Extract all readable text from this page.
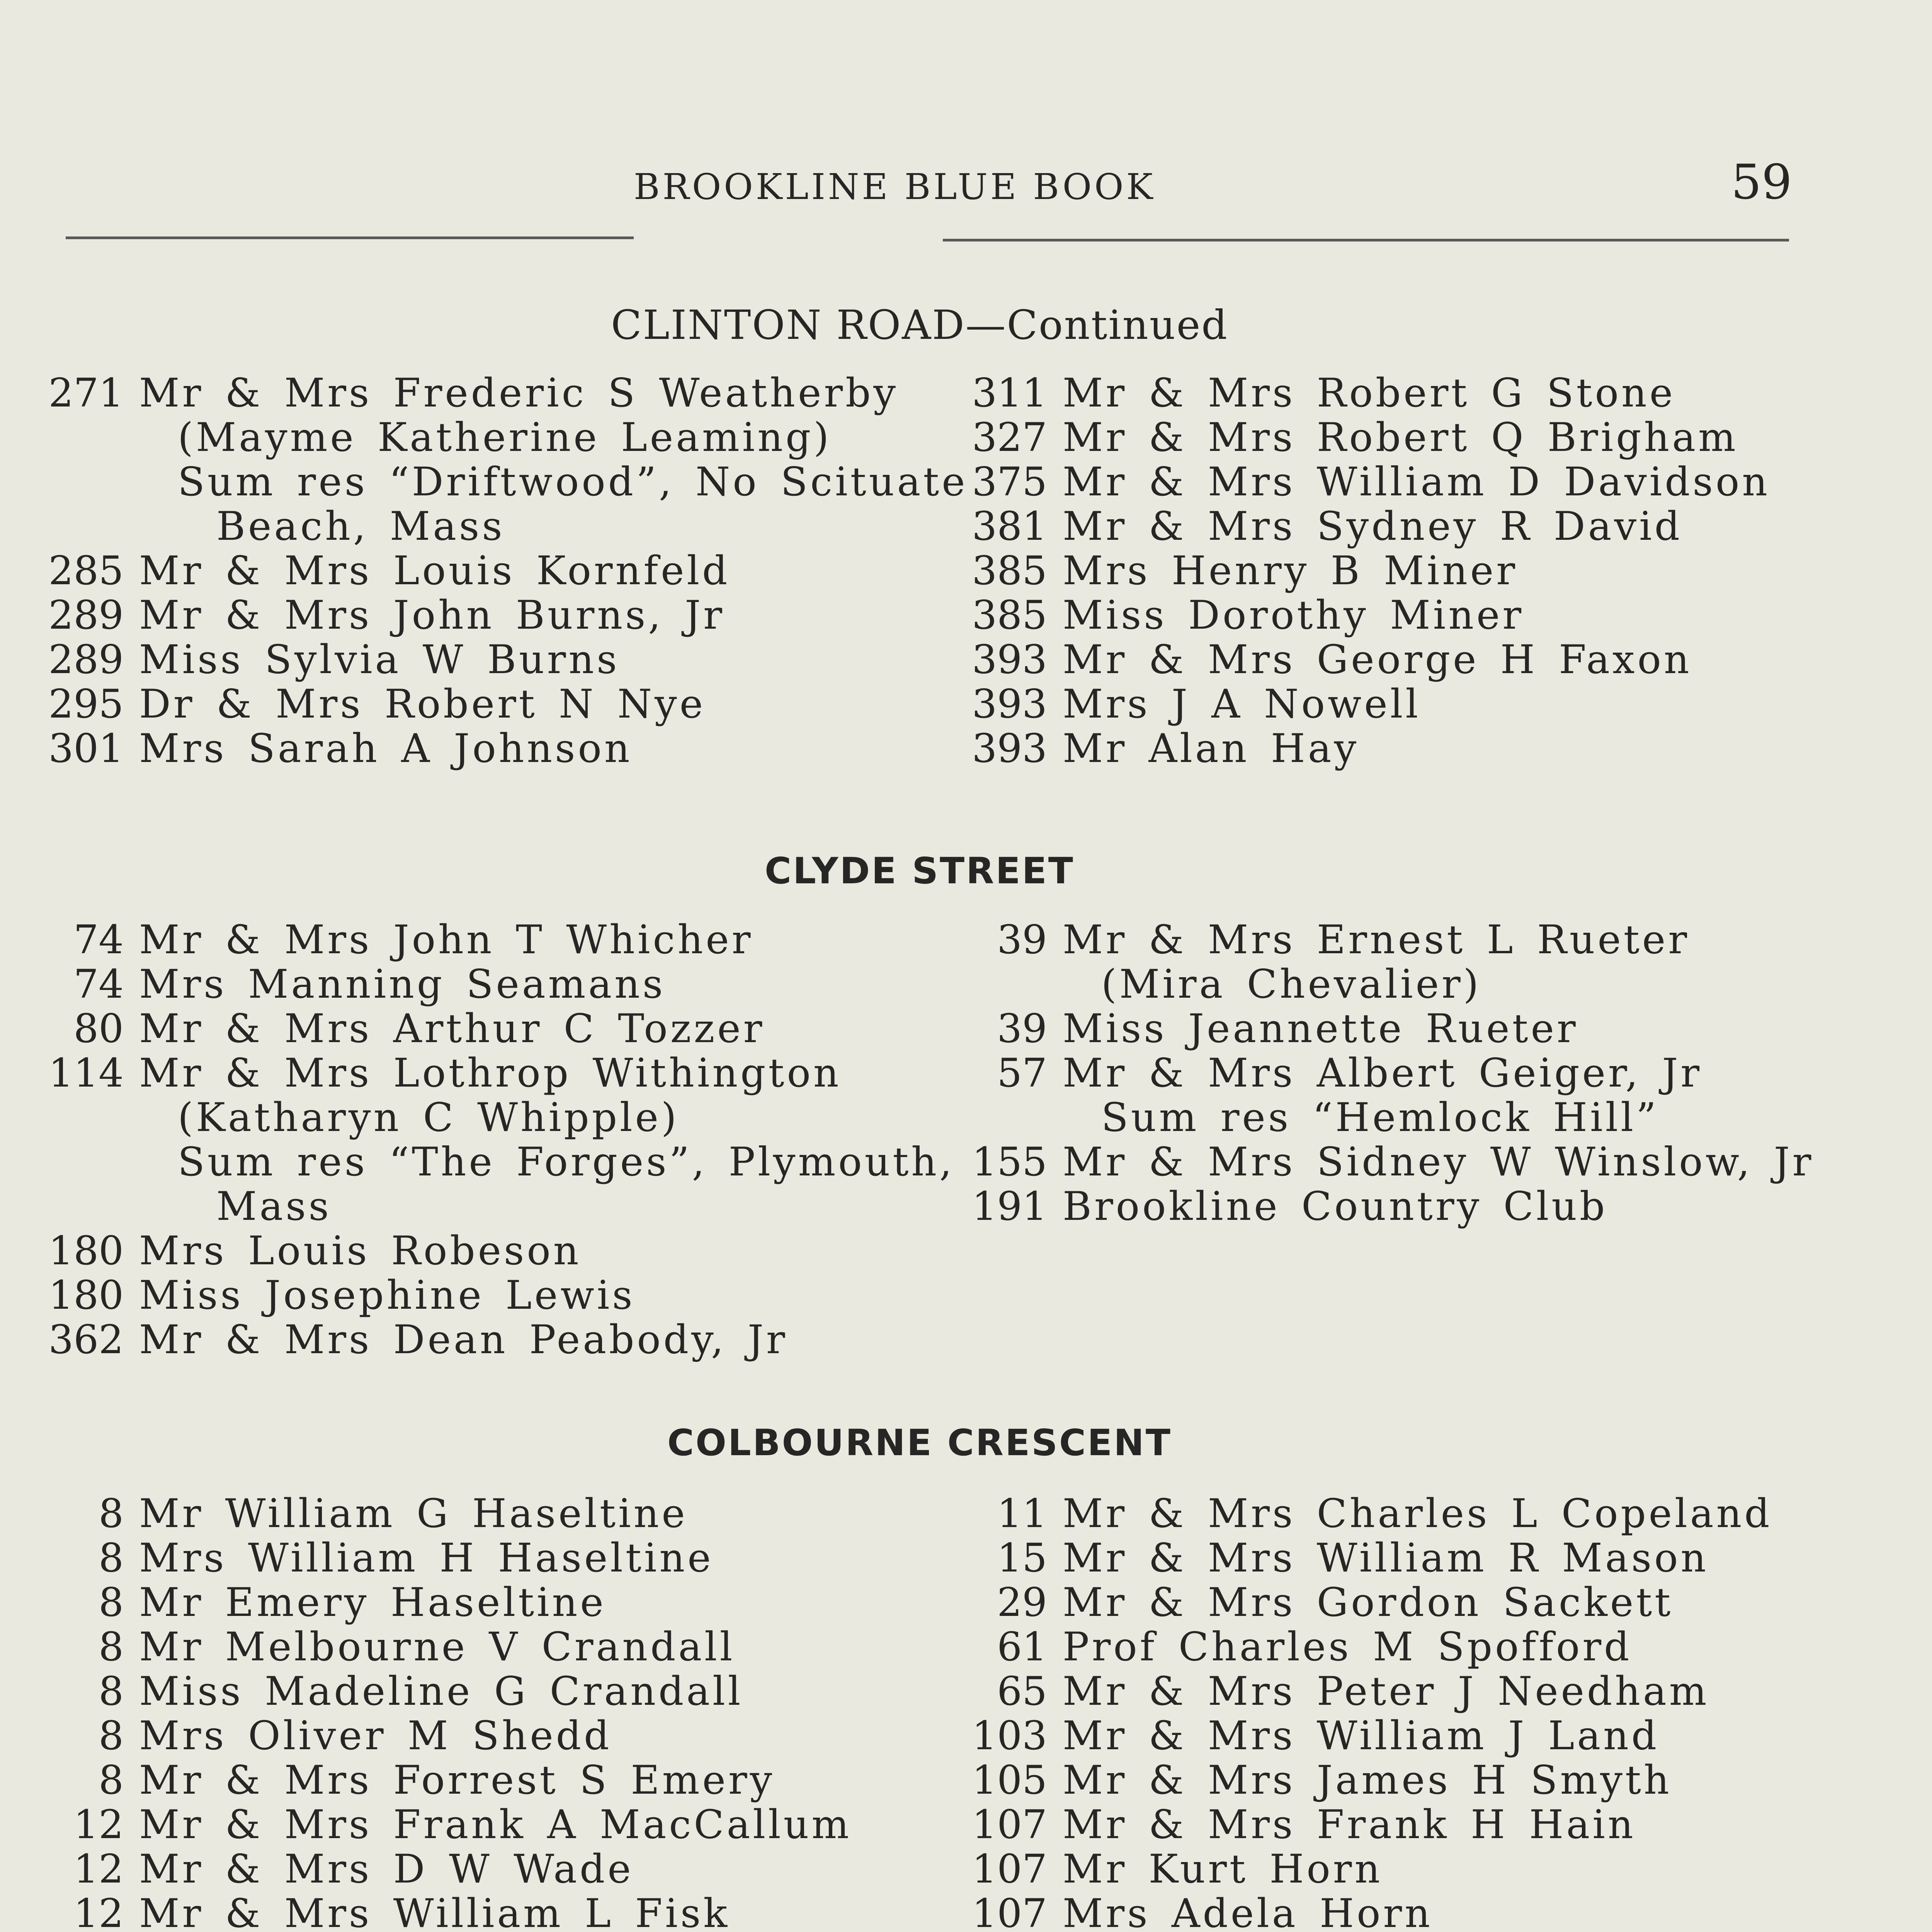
BROOKLINE BLUE BOOK	59
CLINTON ROAD—Continued
271 Mr & Mrs Frederic S Weatherby
(Mayme Katherine Leaming)
Sum res “Driftwood”, No Scituate
Beach, Mass
285 Mr & Mrs Louis Kornfeld
289 Mr & Mrs John Burns, Jr
289 Miss Sylvia W Burns
295 Dr & Mrs Robert N Nye
301 Mrs Sarah A Johnson
311 Mr & Mrs Robert G Stone
327 Mr & Mrs Robert Q Brigham
375 Mr & Mrs William D Davidson
381 Mr & Mrs Sydney R David
385 Mrs Henry B Miner
385 Miss Dorothy Miner
393 Mr & Mrs George H Faxon
393 Mrs J A Nowell
393 Mr Alan Hay
CLYDE STREET
74 Mr & Mrs John T Whicher
74 Mrs Manning Seamans
80 Mr & Mrs Arthur C Tozzer
114 Mr & Mrs Lothrop Withington
(Katharyn C Whipple)
Sum res “The Forges”, Plymouth,
Mass
180 Mrs Louis Robeson
180 Miss Josephine Lewis
362 Mr & Mrs Dean Peabody, Jr
39 Mr & Mrs Ernest L Rueter
(Mira Chevalier)
39 Miss Jeannette Rueter
57 Mr & Mrs Albert Geiger, Jr
Sum res “Hemlock Hill”
155 Mr & Mrs Sidney W Winslow, Jr
191 Brookline Country Club
COLBOURNE CRESCENT
8 Mr William G Haseltine
8 Mrs William H Haseltine
8 Mr Emery Haseltine
8 Mr Melbourne V Crandall
8 Miss Madeline G Crandall
8 Mrs Oliver M Shedd
8 Mr & Mrs Forrest S Emery
12 Mr & Mrs Frank A MacCallum
12 Mr & Mrs D W Wade
12 Mr & Mrs William L Fisk
11 Mr & Mrs Charles L Copeland
15 Mr & Mrs William R Mason
29 Mr & Mrs Gordon Sackett
61 Prof Charles M Spofford
65 Mr & Mrs Peter J Needham
103 Mr & Mrs William J Land
105 Mr & Mrs James H Smyth
107 Mr & Mrs Frank H Hain
107 Mr Kurt Horn
107 Mrs Adela Horn
